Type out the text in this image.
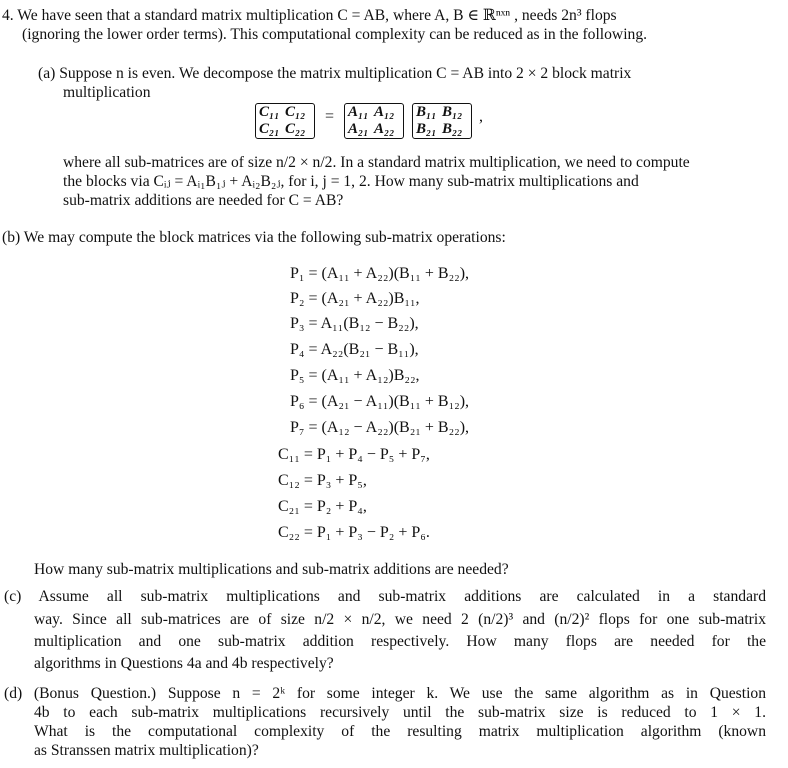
4. We have seen that a standard matrix multiplication C = AB, where A, B ∈ ℝⁿˣⁿ , needs 2n³ flops
(ignoring the lower order terms). This computational complexity can be reduced as in the following.
(a) Suppose n is even. We decompose the matrix multiplication C = AB into 2 × 2 block matrix
multiplication
C₁₁ C₁₂
C₂₁ C₂₂ = A₁₁ A₁₂
A₂₁ A₂₂ B₁₁ B₁₂
B₂₁ B₂₂ ,
where all sub-matrices are of size n/2 × n/2. In a standard matrix multiplication, we need to compute
the blocks via Cᵢⱼ = Aᵢ₁B₁ⱼ + Aᵢ₂B₂ⱼ, for i, j = 1, 2. How many sub-matrix multiplications and
sub-matrix additions are needed for C = AB?
(b) We may compute the block matrices via the following sub-matrix operations:
P₁ = (A₁₁ + A₂₂)(B₁₁ + B₂₂),
P₂ = (A₂₁ + A₂₂)B₁₁,
P₃ = A₁₁(B₁₂ − B₂₂),
P₄ = A₂₂(B₂₁ − B₁₁),
P₅ = (A₁₁ + A₁₂)B₂₂,
P₆ = (A₂₁ − A₁₁)(B₁₁ + B₁₂),
P₇ = (A₁₂ − A₂₂)(B₂₁ + B₂₂),
C₁₁ = P₁ + P₄ − P₅ + P₇,
C₁₂ = P₃ + P₅,
C₂₁ = P₂ + P₄,
C₂₂ = P₁ + P₃ − P₂ + P₆.
How many sub-matrix multiplications and sub-matrix additions are needed?
(c) Assume all sub-matrix multiplications and sub-matrix additions are calculated in a standard
way. Since all sub-matrices are of size n/2 × n/2, we need 2 (n/2)³ and (n/2)² flops for one sub-matrix
multiplication and one sub-matrix addition respectively. How many flops are needed for the
algorithms in Questions 4a and 4b respectively?
(d) (Bonus Question.) Suppose n = 2ᵏ for some integer k. We use the same algorithm as in Question
4b to each sub-matrix multiplications recursively until the sub-matrix size is reduced to 1 × 1.
What is the computational complexity of the resulting matrix multiplication algorithm (known
as Stranssen matrix multiplication)?
